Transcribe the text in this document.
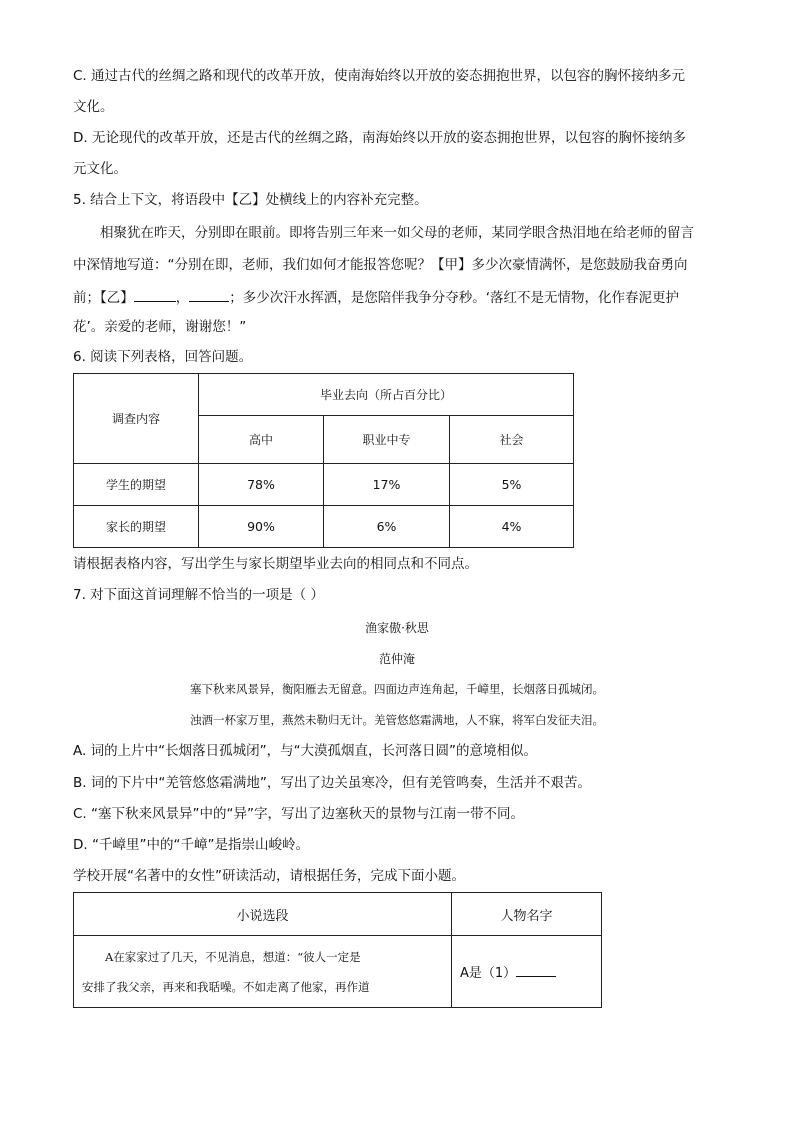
C. 通过古代的丝绸之路和现代的改革开放，使南海始终以开放的姿态拥抱世界，以包容的胸怀接纳多元
文化。
D. 无论现代的改革开放，还是古代的丝绸之路，南海始终以开放的姿态拥抱世界，以包容的胸怀接纳多
元文化。
5. 结合上下文，将语段中【乙】处横线上的内容补充完整。
相聚犹在昨天，分别即在眼前。即将告别三年来一如父母的老师，某同学眼含热泪地在给老师的留言
中深情地写道：“分别在即，老师，我们如何才能报答您呢？【甲】多少次豪情满怀，是您鼓励我奋勇向
前；【乙】	，	；多少次汗水挥洒，是您陪伴我争分夺秒。‘落红不是无情物，化作春泥更护
花’。亲爱的老师，谢谢您！”
6. 阅读下列表格，回答问题。
调查内容	毕业去向（所占百分比）		
	高中	职业中专	社会
学生的期望	78%	17%	5%
家长的期望	90%	6%	4%
请根据表格内容，写出学生与家长期望毕业去向的相同点和不同点。
7. 对下面这首词理解不恰当的一项是（ ）
渔家傲·秋思
范仲淹
塞下秋来风景异，衡阳雁去无留意。四面边声连角起，千嶂里，长烟落日孤城闭。
浊酒一杯家万里，燕然未勒归无计。羌管悠悠霜满地，人不寐，将军白发征夫泪。
A. 词的上片中“长烟落日孤城闭”，与“大漠孤烟直，长河落日圆”的意境相似。
B. 词的下片中“羌管悠悠霜满地”，写出了边关虽寒冷，但有羌管鸣奏，生活并不艰苦。
C. “塞下秋来风景异”中的“异”字，写出了边塞秋天的景物与江南一带不同。
D. “千嶂里”中的“千嶂”是指崇山峻岭。
学校开展“名著中的女性”研读活动，请根据任务，完成下面小题。
小说选段	人物名字

A在家家过了几天，不见消息，想道：“彼人一定是
安排了我父亲，再来和我聒噪。不如走离了他家，再作道	A是（1）
